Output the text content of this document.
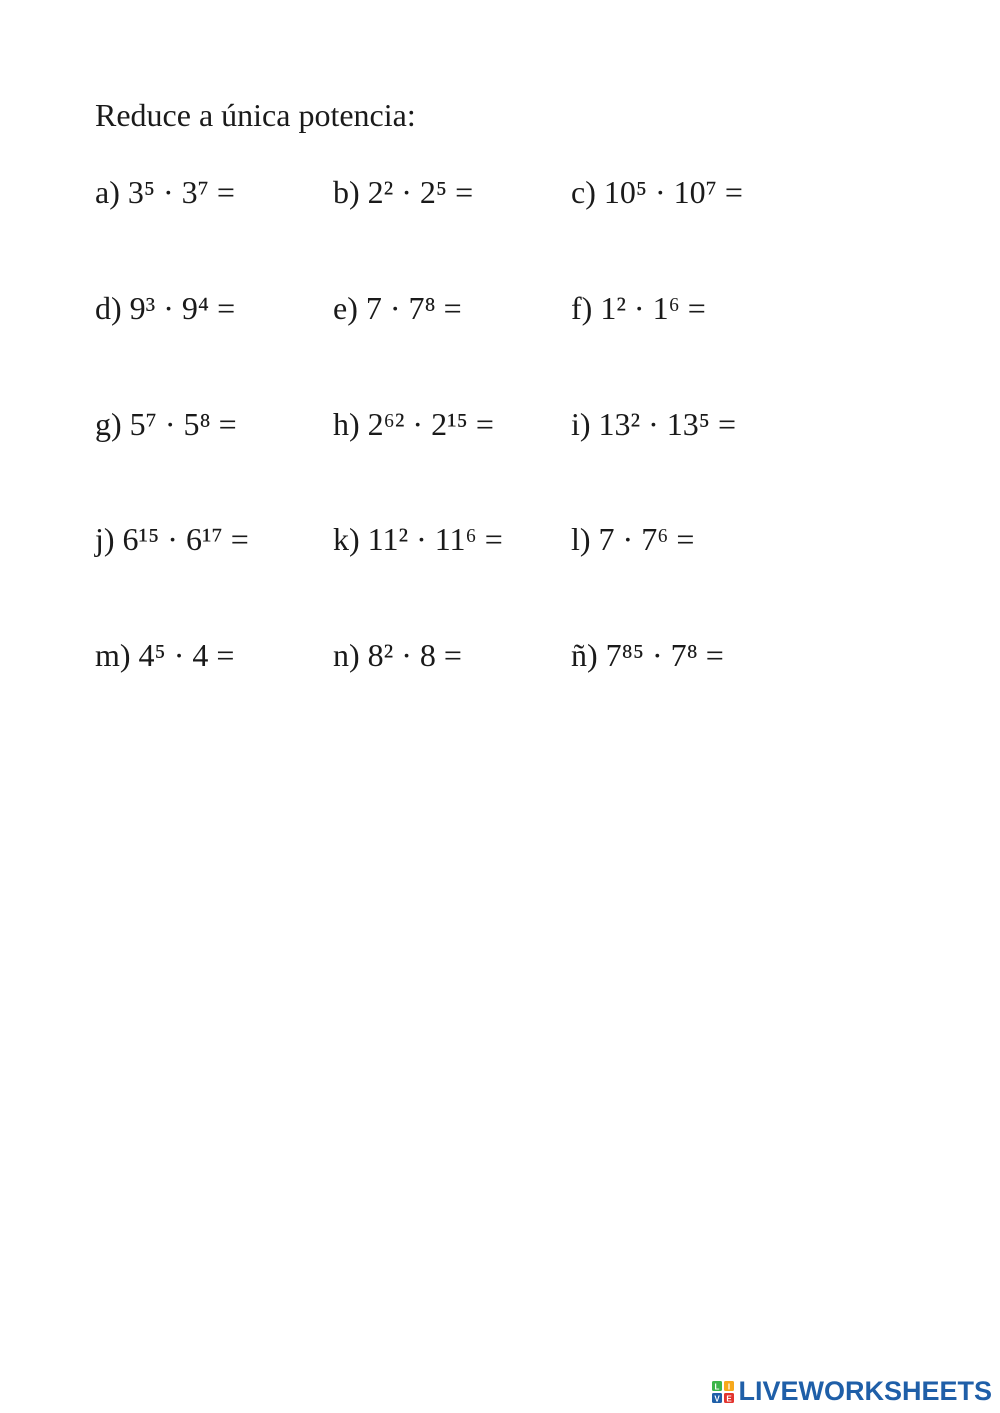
Reduce a única potencia:
a) 3⁵ · 3⁷ =	b) 2² · 2⁵ =	c) 10⁵ · 10⁷ =
d) 9³ · 9⁴ =	e) 7 · 7⁸ =	f) 1² · 1⁶ =
g) 5⁷ · 5⁸ =	h) 2⁶² · 2¹⁵ = i) 13² · 13⁵ =
j) 6¹⁵ · 6¹⁷ =	k) 11² · 11⁶ = l) 7 · 7⁶ =
m) 4⁵ · 4 =	n) 8² · 8 =	ñ) 7⁸⁵ · 7⁸ =
L I
V E LIVEWORKSHEETS
